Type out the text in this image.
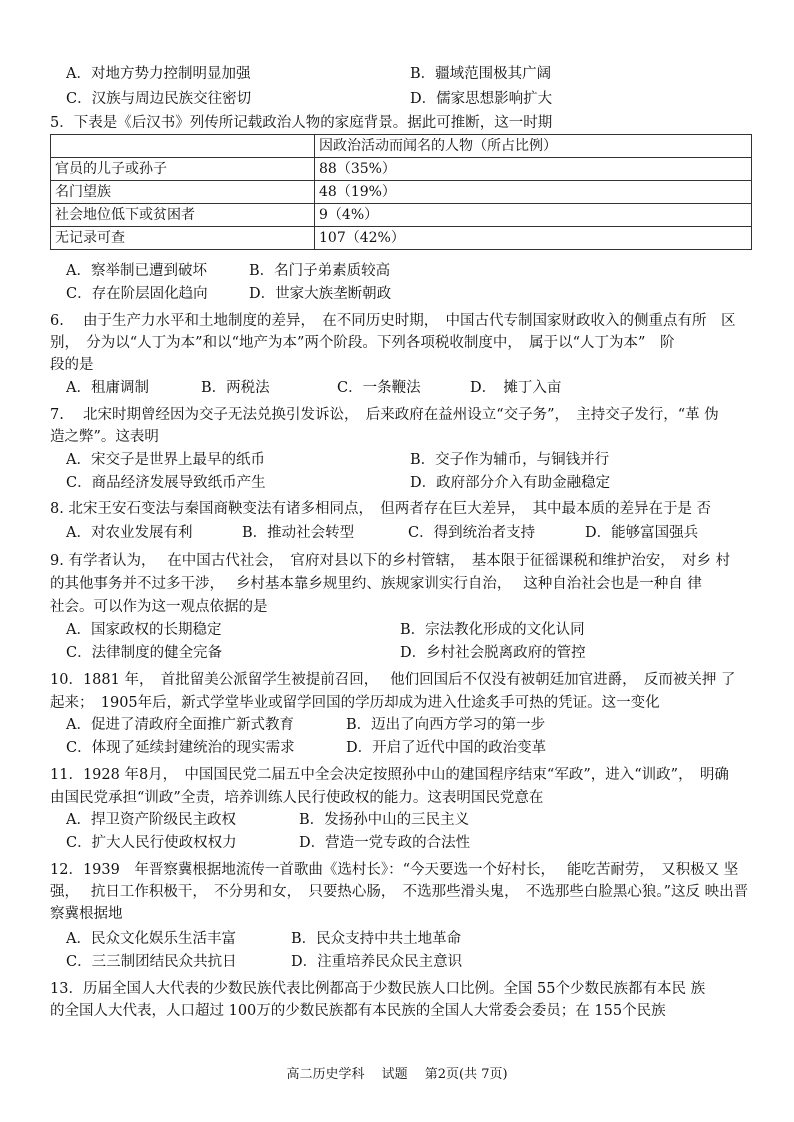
A．对地方势力控制明显加强	B．疆域范围极其广阔
C．汉族与周边民族交往密切	D．儒家思想影响扩大
5．下表是《后汉书》列传所记载政治人物的家庭背景。据此可推断，这一时期
	因政治活动而闻名的人物（所占比例）
官员的儿子或孙子	88（35%）
名门望族	48（19%）
社会地位低下或贫困者	9（4%）
无记录可查	107（42%）
A．察举制已遭到破坏	B．名门子弟素质较高
C．存在阶层固化趋向	D．世家大族垄断朝政
6.　 由于生产力水平和土地制度的差异，　在不同历史时期，　中国古代专制国家财政收入的侧重点有所　区
别，　分为以“人丁为本”和以“地产为本”两个阶段。下列各项税收制度中，　属于以“人丁为本”　阶
段的是
A．租庸调制	B．两税法	C．一条鞭法	D．　摊丁入亩
7.　 北宋时期曾经因为交子无法兑换引发诉讼，　后来政府在益州设立“交子务”，　主持交子发行，“革 伪
造之弊”。这表明
A．宋交子是世界上最早的纸币	B．交子作为辅币，与铜钱并行
C．商品经济发展导致纸币产生	D．政府部分介入有助金融稳定
8. 北宋王安石变法与秦国商鞅变法有诸多相同点，　但两者存在巨大差异，　其中最本质的差异在于是 否
A．对农业发展有利	B．推动社会转型	C．得到统治者支持	D．能够富国强兵
9. 有学者认为，　 在中国古代社会，　官府对县以下的乡村管辖，　基本限于征徭课税和维护治安，　对乡 村
的其他事务并不过多干涉，　 乡村基本靠乡规里约、族规家训实行自治，　 这种自治社会也是一种自 律
社会。可以作为这一观点依据的是
A．国家政权的长期稳定	B．宗法教化形成的文化认同
C．法律制度的健全完备	D．乡村社会脱离政府的管控
10．1881 年，　首批留美公派留学生被提前召回，　 他们回国后不仅没有被朝廷加官进爵，　反而被关押 了
起来；　1905年后，新式学堂毕业或留学回国的学历却成为进入仕途炙手可热的凭证。这一变化
A．促进了清政府全面推广新式教育	B．迈出了向西方学习的第一步
C．体现了延续封建统治的现实需求	D．开启了近代中国的政治变革
11．1928 年8月，　中国国民党二届五中全会决定按照孙中山的建国程序结束“军政”，进入“训政”，　明确
由国民党承担“训政”全责，培养训练人民行使政权的能力。这表明国民党意在
A．捍卫资产阶级民主政权	B．发扬孙中山的三民主义
C．扩大人民行使政权权力	D．营造一党专政的合法性
12．1939　年晋察冀根据地流传一首歌曲《选村长》：“今天要选一个好村长，　 能吃苦耐劳，　又积极又 坚
强，　 抗日工作积极干，　不分男和女，　只要热心肠，　不选那些滑头鬼，　不选那些白脸黑心狼。”这反 映出晋
察冀根据地
A．民众文化娱乐生活丰富	B．民众支持中共土地革命
C．三三制团结民众共抗日	D．注重培养民众民主意识
13．历届全国人大代表的少数民族代表比例都高于少数民族人口比例。全国 55个少数民族都有本民 族
的全国人大代表，人口超过 100万的少数民族都有本民族的全国人大常委会委员；在 155个民族
高二历史学科　 试题　 第2页(共 7页)
